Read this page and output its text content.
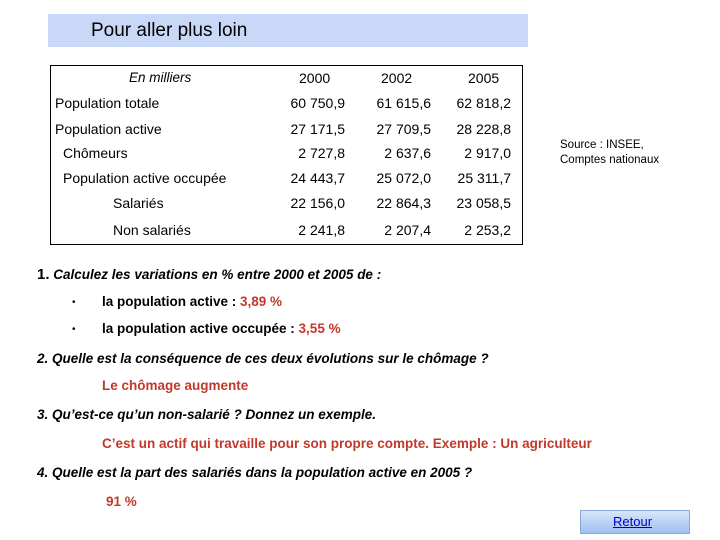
Pour aller plus loin
En milliers	2000	2002	2005
Population totale	60 750,9	61 615,6	62 818,2
Population active	27 171,5	27 709,5	28 228,8
Chômeurs	2 727,8	2 637,6	2 917,0
Population active occupée	24 443,7	25 072,0	25 311,7
Salariés	22 156,0	22 864,3	23 058,5
Non salariés	2 241,8	2 207,4	2 253,2
Source : INSEE,
Comptes nationaux
1. Calculez les variations en % entre 2000 et 2005 de :
• la population active : 3,89 %
• la population active occupée : 3,55 %
2. Quelle est la conséquence de ces deux évolutions sur le chômage ?
Le chômage augmente
3. Qu’est-ce qu’un non-salarié ? Donnez un exemple.
C’est un actif qui travaille pour son propre compte. Exemple : Un agriculteur
4. Quelle est la part des salariés dans la population active en 2005 ?
91 %
Retour
